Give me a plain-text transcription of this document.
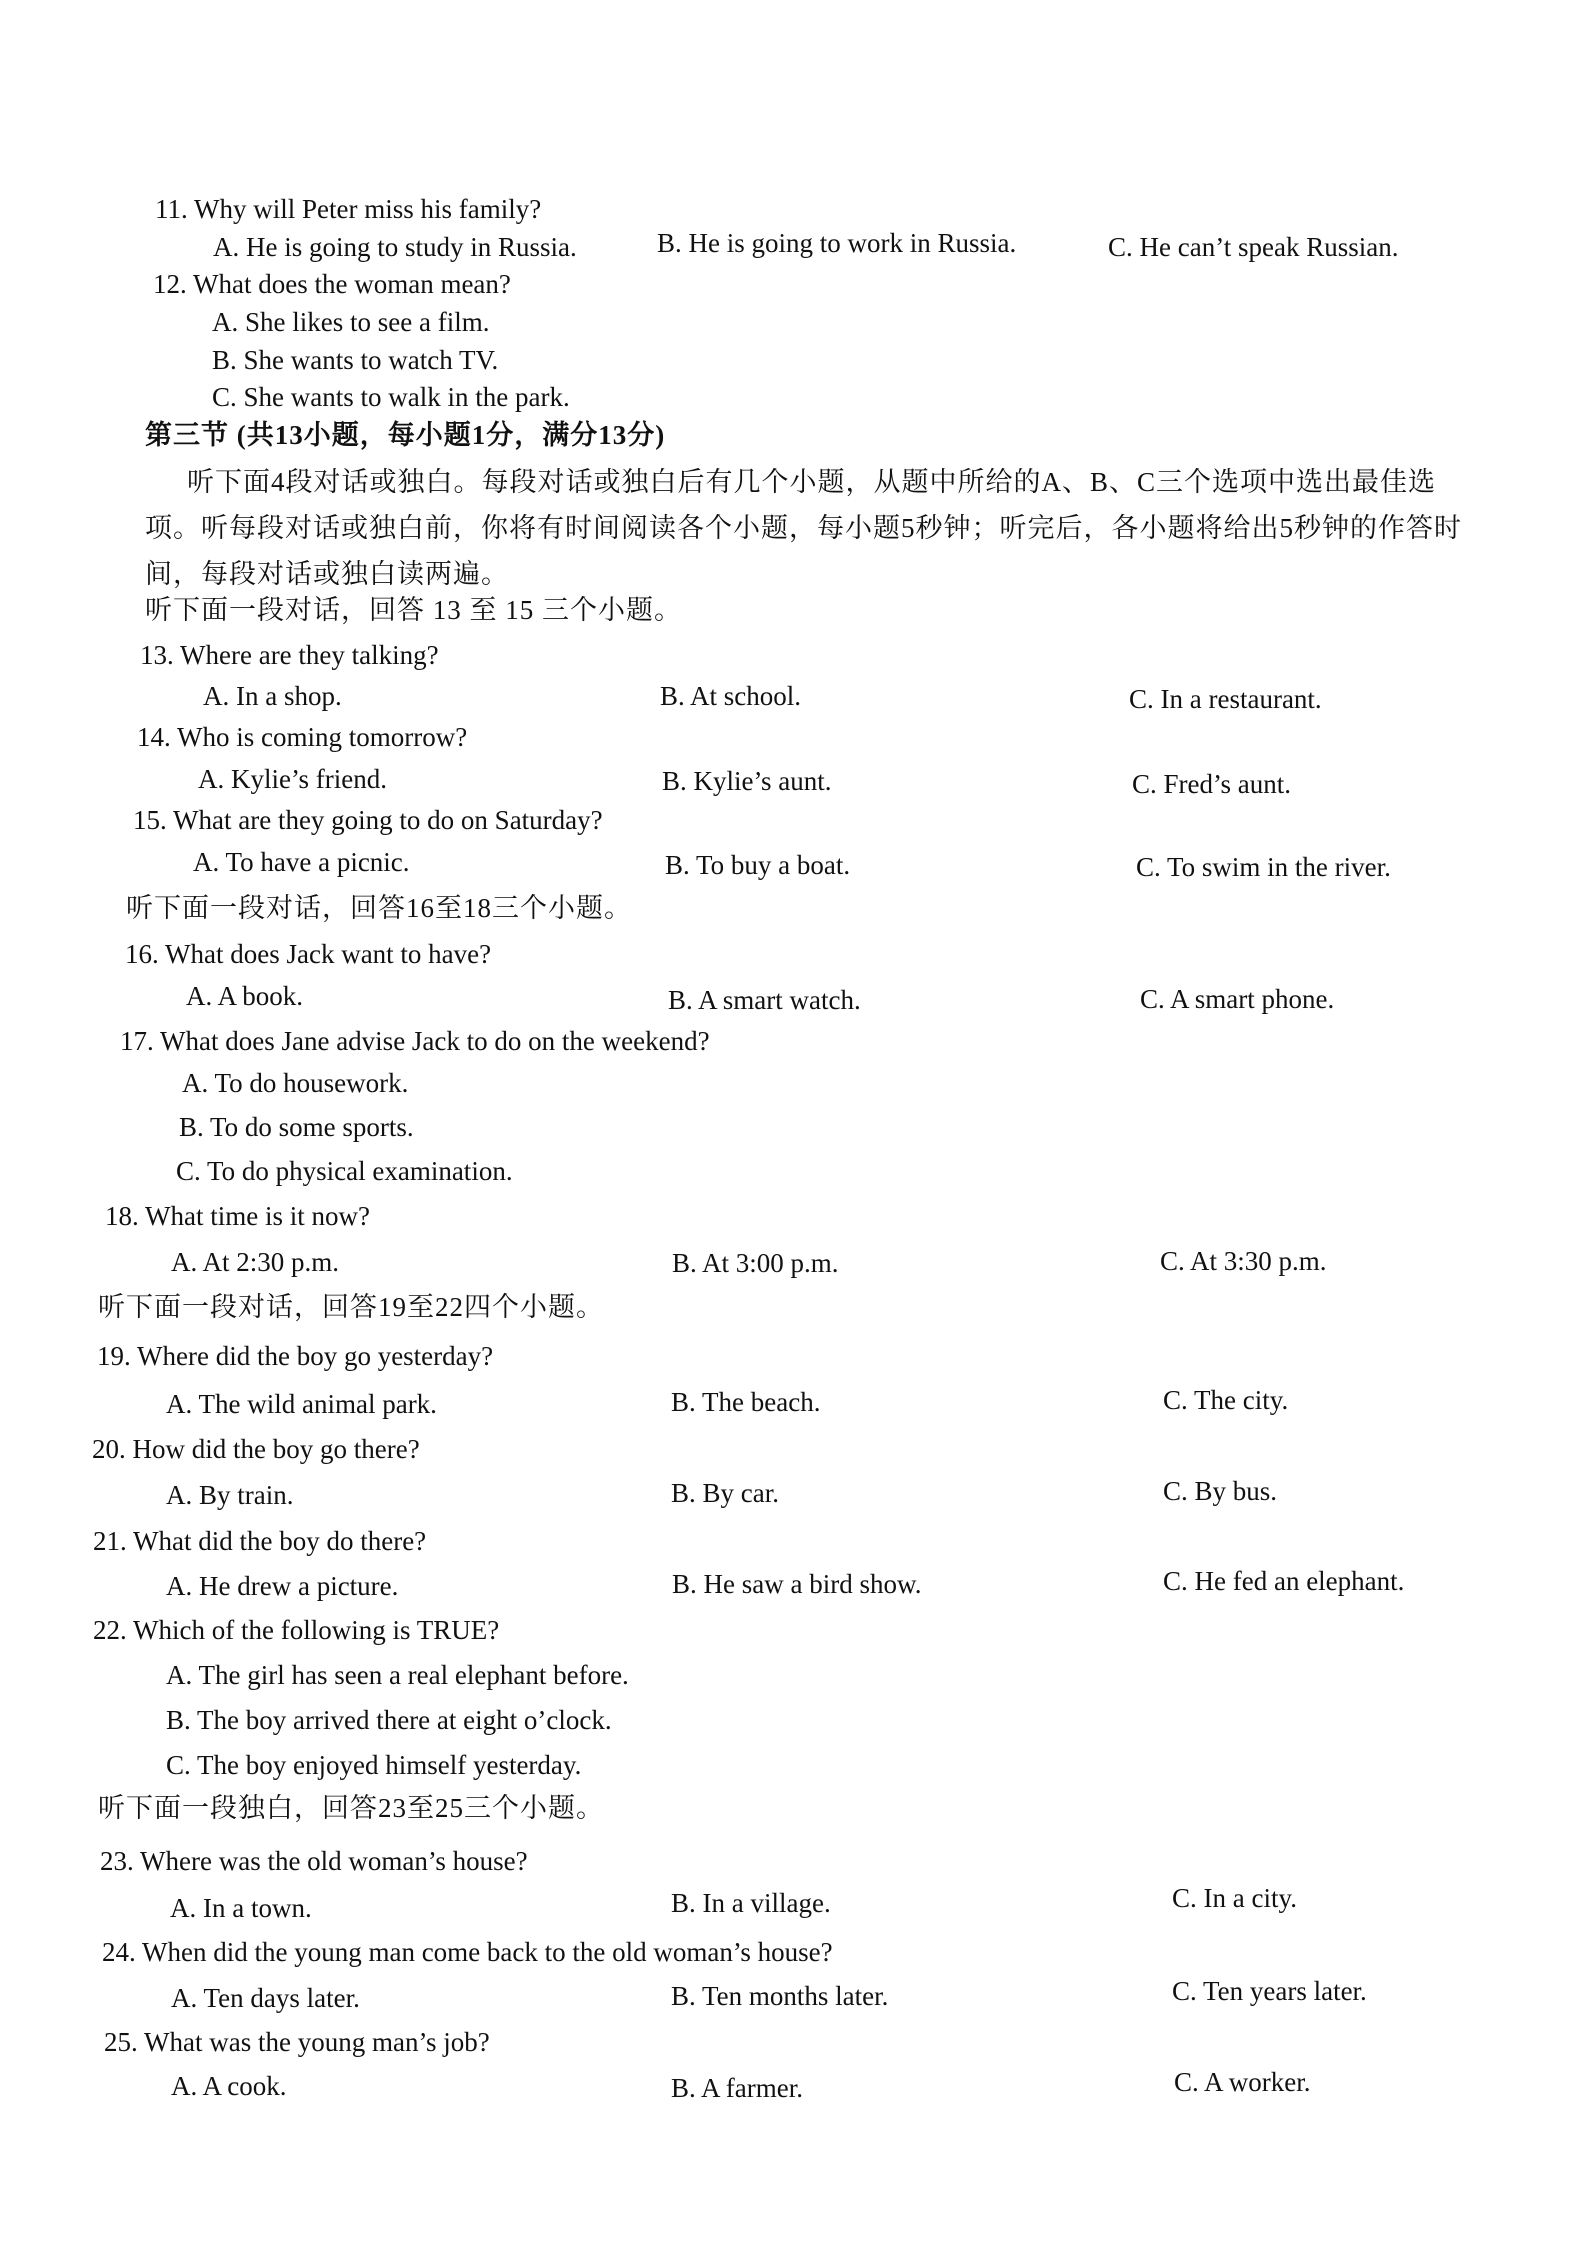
11. Why will Peter miss his family?
A. He is going to study in Russia.	B. He is going to work in Russia.	C. He can’t speak Russian.
12. What does the woman mean?
A. She likes to see a film.
B. She wants to watch TV.
C. She wants to walk in the park.
第三节 (共13小题，每小题1分，满分13分)
听下面4段对话或独白。每段对话或独白后有几个小题，从题中所给的A、B、C三个选项中选出最佳选项。听每段对话或独白前，你将有时间阅读各个小题，每小题5秒钟；听完后，各小题将给出5秒钟的作答时间，每段对话或独白读两遍。
听下面一段对话，回答 13 至 15 三个小题。
13. Where are they talking?
A. In a shop.	B. At school.	C. In a restaurant.
14. Who is coming tomorrow?
A. Kylie’s friend.	B. Kylie’s aunt.	C. Fred’s aunt.
15. What are they going to do on Saturday?
A. To have a picnic.	B. To buy a boat.	C. To swim in the river.
听下面一段对话，回答16至18三个小题。
16. What does Jack want to have?
A. A book.	B. A smart watch.	C. A smart phone.
17. What does Jane advise Jack to do on the weekend?
A. To do housework.
B. To do some sports.
C. To do physical examination.
18. What time is it now?
A. At 2:30 p.m.	B. At 3:00 p.m.	C. At 3:30 p.m.
听下面一段对话，回答19至22四个小题。
19. Where did the boy go yesterday?
A. The wild animal park.	B. The beach.	C. The city.
20. How did the boy go there?
A. By train.	B. By car.	C. By bus.
21. What did the boy do there?
A. He drew a picture.	B. He saw a bird show.	C. He fed an elephant.
22. Which of the following is TRUE?
A. The girl has seen a real elephant before.
B. The boy arrived there at eight o’clock.
C. The boy enjoyed himself yesterday.
听下面一段独白，回答23至25三个小题。
23. Where was the old woman’s house?
A. In a town.	B. In a village.	C. In a city.
24. When did the young man come back to the old woman’s house?
A. Ten days later.	B. Ten months later.	C. Ten years later.
25. What was the young man’s job?
A. A cook.	B. A farmer.	C. A worker.
